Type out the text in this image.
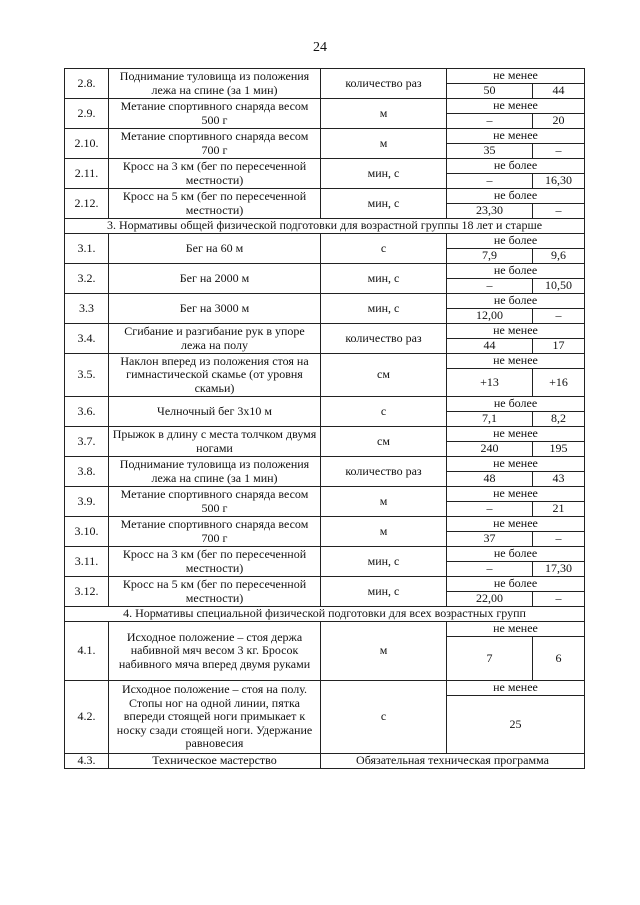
24
2.8.	Поднимание туловища из положения лежа на спине (за 1 мин)	количество раз	не менее	
			50	44
2.9.	Метание спортивного снаряда весом 500 г	м	не менее	
			–	20
2.10.	Метание спортивного снаряда весом 700 г	м	не менее	
			35	–
2.11.	Кросс на 3 км (бег по пересеченной местности)	мин, с	не более	
			–	16,30
2.12.	Кросс на 5 км (бег по пересеченной местности)	мин, с	не более	
			23,30	–
3. Нормативы общей физической подготовки для возрастной группы 18 лет и старше				
3.1.	Бег на 60 м	с	не более	
			7,9	9,6
3.2.	Бег на 2000 м	мин, с	не более	
			–	10,50
3.3	Бег на 3000 м	мин, с	не более	
			12,00	–
3.4.	Сгибание и разгибание рук в упоре лежа на полу	количество раз	не менее	
			44	17
3.5.	Наклон вперед из положения стоя на гимнастической скамье (от уровня скамьи)	см	не менее	
			+13	+16
3.6.	Челночный бег 3х10 м	с	не более	
			7,1	8,2
3.7.	Прыжок в длину с места толчком двумя ногами	см	не менее	
			240	195
3.8.	Поднимание туловища из положения лежа на спине (за 1 мин)	количество раз	не менее	
			48	43
3.9.	Метание спортивного снаряда весом 500 г	м	не менее	
			–	21
3.10.	Метание спортивного снаряда весом 700 г	м	не менее	
			37	–
3.11.	Кросс на 3 км (бег по пересеченной местности)	мин, с	не более	
			–	17,30
3.12.	Кросс на 5 км (бег по пересеченной местности)	мин, с	не более	
			22,00	–
4. Нормативы специальной физической подготовки для всех возрастных групп				
4.1.	Исходное положение – стоя держа набивной мяч весом 3 кг. Бросок набивного мяча вперед двумя руками	м	не менее	
			7	6
4.2.	Исходное положение – стоя на полу. Стопы ног на одной линии, пятка впереди стоящей ноги примыкает к носку сзади стоящей ноги. Удержание равновесия	с	не менее	
			25	
4.3.	Техническое мастерство	Обязательная техническая программа		
